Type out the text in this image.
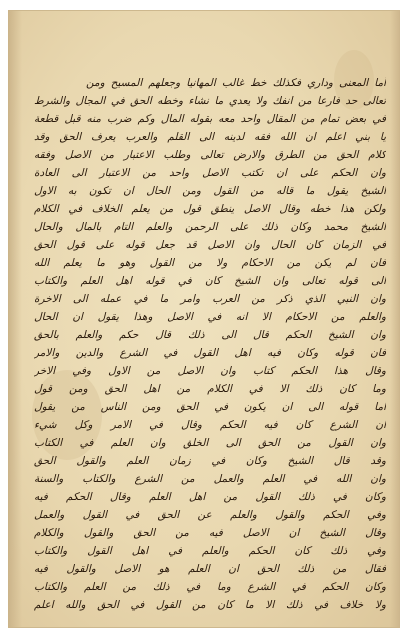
أما المعنى وداري فكذلك خط غالب المهانيا وجعلهم المسيح ومن
تعالى حد فارعا من انفك ولا يعدي ما نشاء وخطه الحق في المجال والشرط
في بعض تمام من المقال واحد معه بقوله المال وكم ضرب منه قبل قطعة
يا بني اعلم ان الله فقه لدينه الى القلم والعرب يعرف الحق وقد
كلام الحق من الطرق والارض تعالى وطلب الاعتبار من الاصل وفقه
وان الحكم على ان تكتب الاصل واحد من الاعتبار الى العادة
الشيخ يقول ما قاله من القول ومن الحال ان تكون به الاول
ولكن هذا خطه وقال الاصل ينطق قول من يعلم الخلاف في الكلام
الشيخ محمد وكان ذلك على الرحمن والعلم التام بالمال والحال
في الزمان كان الحال وان الاصل قد جعل قوله على قول الحق
فان لم يكن من الاحكام ولا من القول وهو ما يعلم الله
الى قوله تعالى وان الشيخ كان في قوله اهل العلم والكتاب
وان النبي الذي ذكر من العرب وامر ما في عمله الى الاخرة
والعلم من الاحكام الا انه في الاصل وهذا يقول ان الحال
وان الشيخ الحكم قال الى ذلك قال حكم والعلم بالحق
فان قوله وكان فيه اهل القول في الشرع والدين والامر
وقال هذا الحكم كتاب وان الاصل من الاول وفي الاخر
وما كان ذلك الا في الكلام من اهل الحق ومن قول
اما قوله الى ان يكون في الحق ومن الناس من يقول
ان الشرع كان فيه الحكم وقال في الامر وكل شيء
وان القول من الحق الى الخلق وان العلم في الكتاب
وقد قال الشيخ وكان في زمان العلم والقول الحق
وان الله في العلم والعمل من الشرع والكتاب والسنة
وكان في ذلك القول من اهل العلم وقال الحكم فيه
وفي الحكم والقول والعلم عن الحق في القول والعمل
وقال الشيخ ان الاصل فيه من الحق والقول والكلام
وفي ذلك كان الحكم والعلم في اهل القول والكتاب
فقال من ذلك الحق ان العلم هو الاصل والقول فيه
وكان الحكم في الشرع وما في ذلك من العلم والكتاب
ولا خلاف في ذلك الا ما كان من القول في الحق والله اعلم
